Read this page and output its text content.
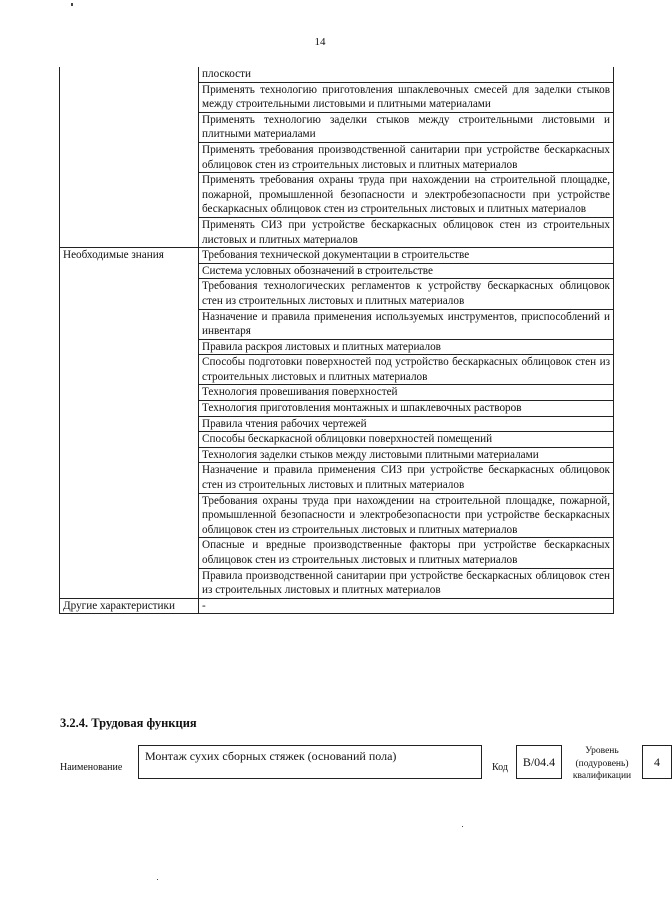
14
	плоскости
	Применять технологию приготовления шпаклевочных смесей для заделки стыков между строительными листовыми и плитными материалами
	Применять технологию заделки стыков между строительными листовыми и плитными материалами
	Применять требования производственной санитарии при устройстве бескаркасных облицовок стен из строительных листовых и плитных материалов
	Применять требования охраны труда при нахождении на строительной площадке, пожарной, промышленной безопасности и электробезопасности при устройстве бескаркасных облицовок стен из строительных листовых и плитных материалов
	Применять СИЗ при устройстве бескаркасных облицовок стен из строительных листовых и плитных материалов
Необходимые знания	Требования технической документации в строительстве
	Система условных обозначений в строительстве
	Требования технологических регламентов к устройству бескаркасных облицовок стен из строительных листовых и плитных материалов
	Назначение и правила применения используемых инструментов, приспособлений и инвентаря
	Правила раскроя листовых и плитных материалов
	Способы подготовки поверхностей под устройство бескаркасных облицовок стен из строительных листовых и плитных материалов
	Технология провешивания поверхностей
	Технология приготовления монтажных и шпаклевочных растворов
	Правила чтения рабочих чертежей
	Способы бескаркасной облицовки поверхностей помещений
	Технология заделки стыков между листовыми плитными материалами
	Назначение и правила применения СИЗ при устройстве бескаркасных облицовок стен из строительных листовых и плитных материалов
	Требования охраны труда при нахождении на строительной площадке, пожарной, промышленной безопасности и электробезопасности при устройстве бескаркасных облицовок стен из строительных листовых и плитных материалов
	Опасные и вредные производственные факторы при устройстве бескаркасных облицовок стен из строительных листовых и плитных материалов
	Правила производственной санитарии при устройстве бескаркасных облицовок стен из строительных листовых и плитных материалов
Другие характеристики	-
3.2.4. Трудовая функция
Наименование
Монтаж сухих сборных стяжек (оснований пола)
Код	В/04.4
Уровень (подуровень) квалификации
4
